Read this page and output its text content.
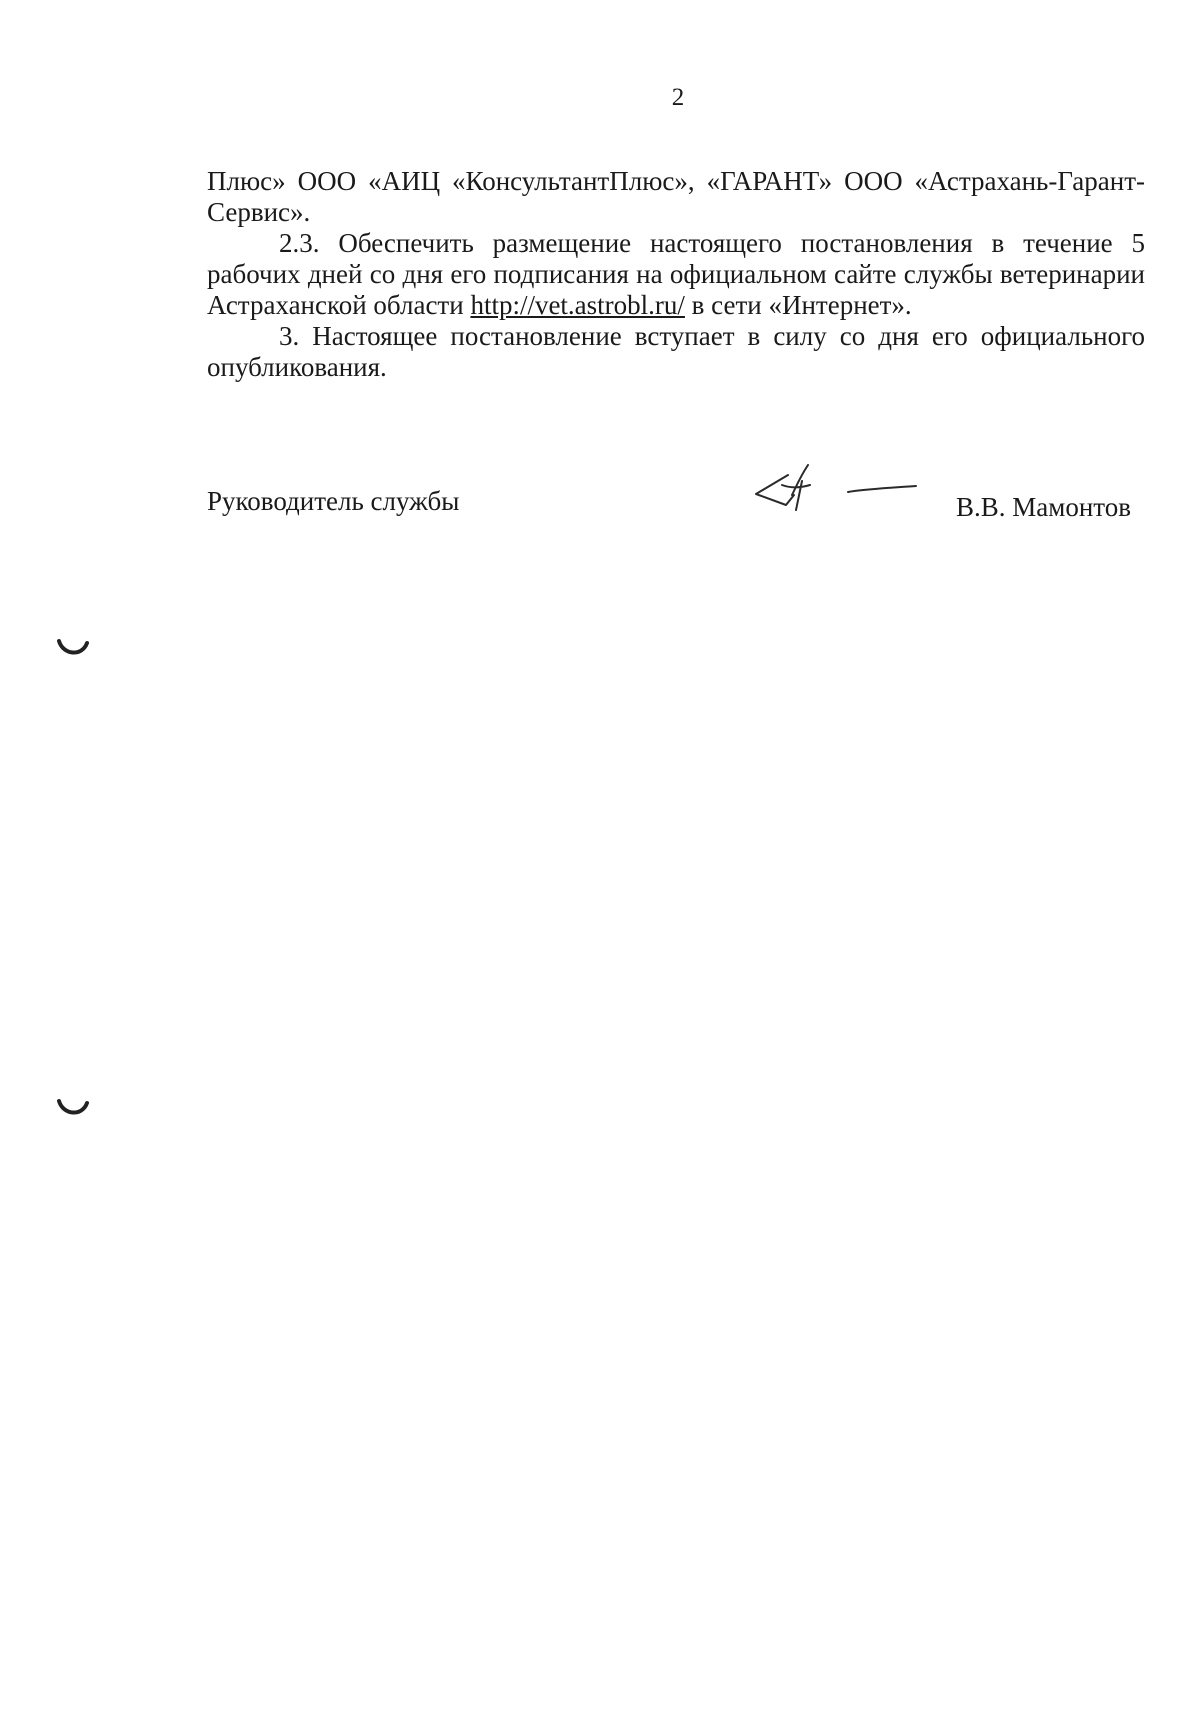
2

Плюс» ООО «АИЦ «КонсультантПлюс», «ГАРАНТ» ООО «Астрахань-Гарант-Сервис».

2.3. Обеспечить размещение настоящего постановления в течение 5 рабочих дней со дня его подписания на официальном сайте службы ветеринарии Астраханской области http://vet.astrobl.ru/ в сети «Интернет».

3. Настоящее постановление вступает в силу со дня его официального опубликования.

Руководитель службы	В.В. Мамонтов
